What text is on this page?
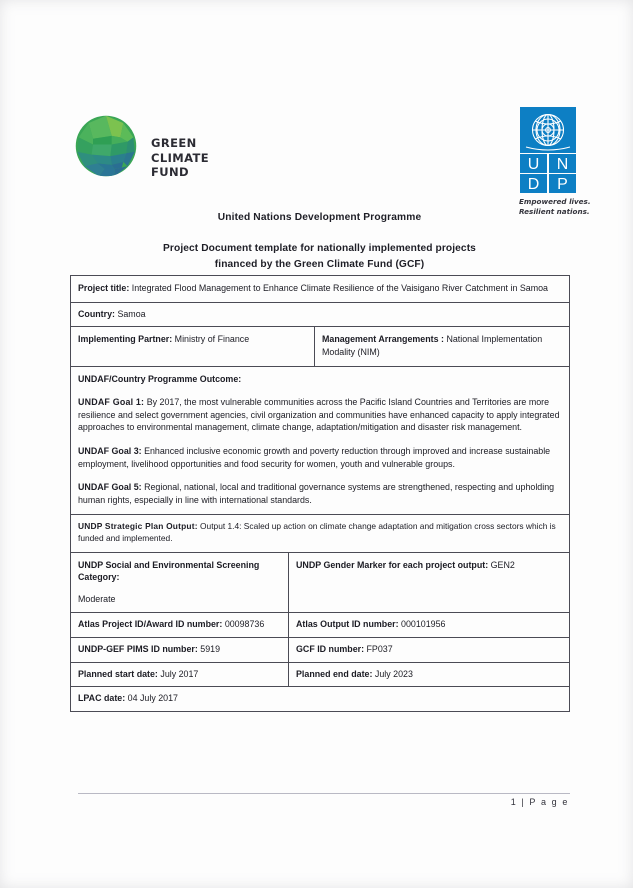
GREEN
CLIMATE
FUND	U N
D P
Empowered lives.
Resilient nations.
United Nations Development Programme
Project Document template for nationally implemented projects
financed by the Green Climate Fund (GCF)

Project title: Integrated Flood Management to Enhance Climate Resilience of the Vaisigano River Catchment in Samoa		

Country: Samoa		

Implementing Partner: Ministry of Finance		Management Arrangements : National Implementation Modality (NIM)

UNDAF/Country Programme Outcome:

UNDAF Goal 1: By 2017, the most vulnerable communities across the Pacific Island Countries and Territories are more resilience and select government agencies, civil organization and communities have enhanced capacity to apply integrated approaches to environmental management, climate change, adaptation/mitigation and disaster risk management.

UNDAF Goal 3: Enhanced inclusive economic growth and poverty reduction through improved and increase sustainable employment, livelihood opportunities and food security for women, youth and vulnerable groups.

UNDAF Goal 5: Regional, national, local and traditional governance systems are strengthened, respecting and upholding human rights, especially in line with international standards.		

UNDP Strategic Plan Output: Output 1.4: Scaled up action on climate change adaptation and mitigation cross sectors which is funded and implemented.		

UNDP Social and Environmental Screening Category:

Moderate	UNDP Gender Marker for each project output: GEN2	

Atlas Project ID/Award ID number: 00098736	Atlas Output ID number: 000101956	

UNDP-GEF PIMS ID number: 5919	GCF ID number: FP037	

Planned start date: July 2017	Planned end date: July 2023	

LPAC date: 04 July 2017		

1 | P a g e
